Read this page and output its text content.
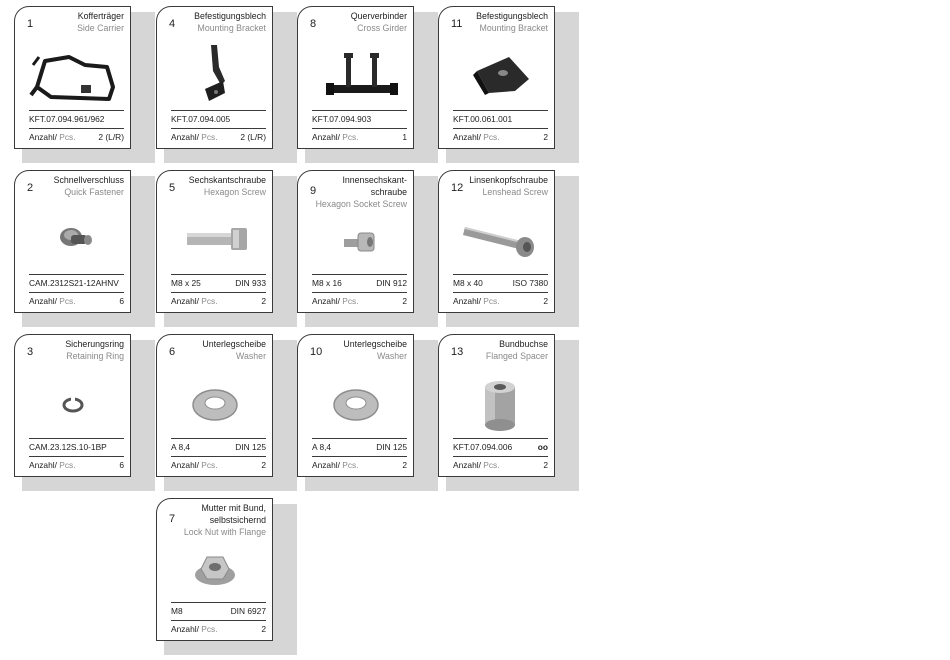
1
Kofferträger
Side Carrier
KFT.07.094.961/962
Anzahl/ Pcs.	2 (L/R)
2
Schnellverschluss
Quick Fastener
CAM.2312S21-12AHNV
Anzahl/ Pcs.	6
3
Sicherungsring
Retaining Ring
CAM.23.12S.10-1BP
Anzahl/ Pcs.	6
4
Befestigungsblech
Mounting Bracket
KFT.07.094.005
Anzahl/ Pcs.	2 (L/R)
5
Sechskantschraube
Hexagon Screw
M8 x 25	DIN 933
Anzahl/ Pcs.	2
6
Unterlegscheibe
Washer
A 8,4	DIN 125
Anzahl/ Pcs.	2
7
Mutter mit Bund,
selbstsichernd
Lock Nut with Flange
M8	DIN 6927
Anzahl/ Pcs.	2
8
Querverbinder
Cross Girder
KFT.07.094.903
Anzahl/ Pcs.	1
9
Innensechskant-
schraube
Hexagon Socket Screw
M8 x 16	DIN 912
Anzahl/ Pcs.	2
10
Unterlegscheibe
Washer
A 8,4	DIN 125
Anzahl/ Pcs.	2
11
Befestigungsblech
Mounting Bracket
KFT.00.061.001
Anzahl/ Pcs.	2
12
Linsenkopfschraube
Lenshead Screw
M8 x 40	ISO 7380
Anzahl/ Pcs.	2
13
Bundbuchse
Flanged Spacer
KFT.07.094.006	oo
Anzahl/ Pcs.	2
